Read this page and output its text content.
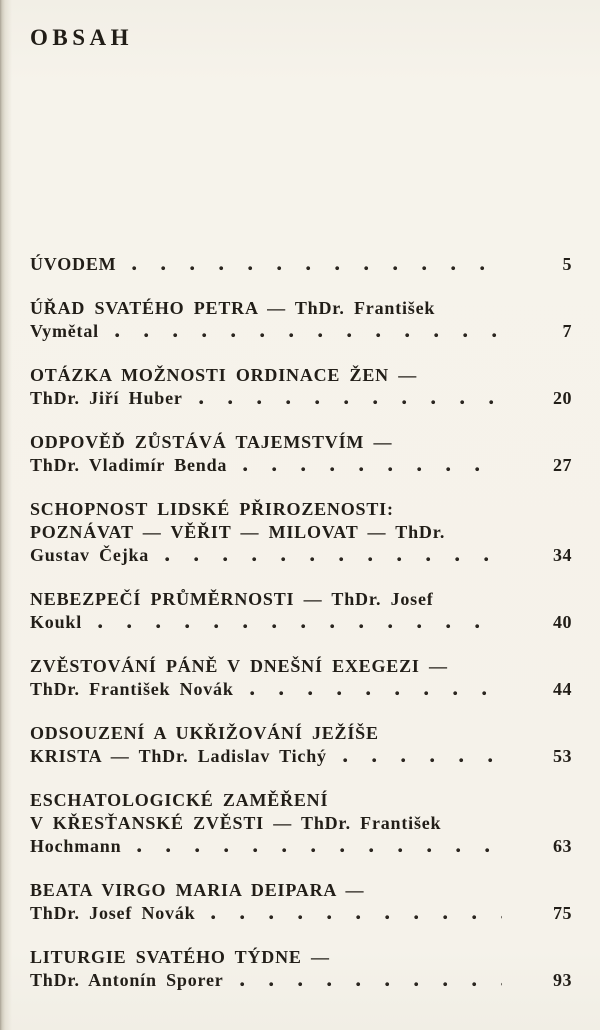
OBSAH
ÚVODEM	5
ÚŘAD SVATÉHO PETRA — ThDr. František
Vymětal	7
OTÁZKA MOŽNOSTI ORDINACE ŽEN —
ThDr. Jiří Huber	20
ODPOVĚĎ ZŮSTÁVÁ TAJEMSTVÍM —
ThDr. Vladimír Benda	27
SCHOPNOST LIDSKÉ PŘIROZENOSTI:
POZNÁVAT — VĚŘIT — MILOVAT — ThDr.
Gustav Čejka	34
NEBEZPEČÍ PRŮMĚRNOSTI — ThDr. Josef
Koukl	40
ZVĚSTOVÁNÍ PÁNĚ V DNEŠNÍ EXEGEZI —
ThDr. František Novák	44
ODSOUZENÍ A UKŘIŽOVÁNÍ JEŽÍŠE
KRISTA — ThDr. Ladislav Tichý	53
ESCHATOLOGICKÉ ZAMĚŘENÍ
V KŘESŤANSKÉ ZVĚSTI — ThDr. František
Hochmann	63
BEATA VIRGO MARIA DEIPARA —
ThDr. Josef Novák	75
LITURGIE SVATÉHO TÝDNE —
ThDr. Antonín Sporer	93
